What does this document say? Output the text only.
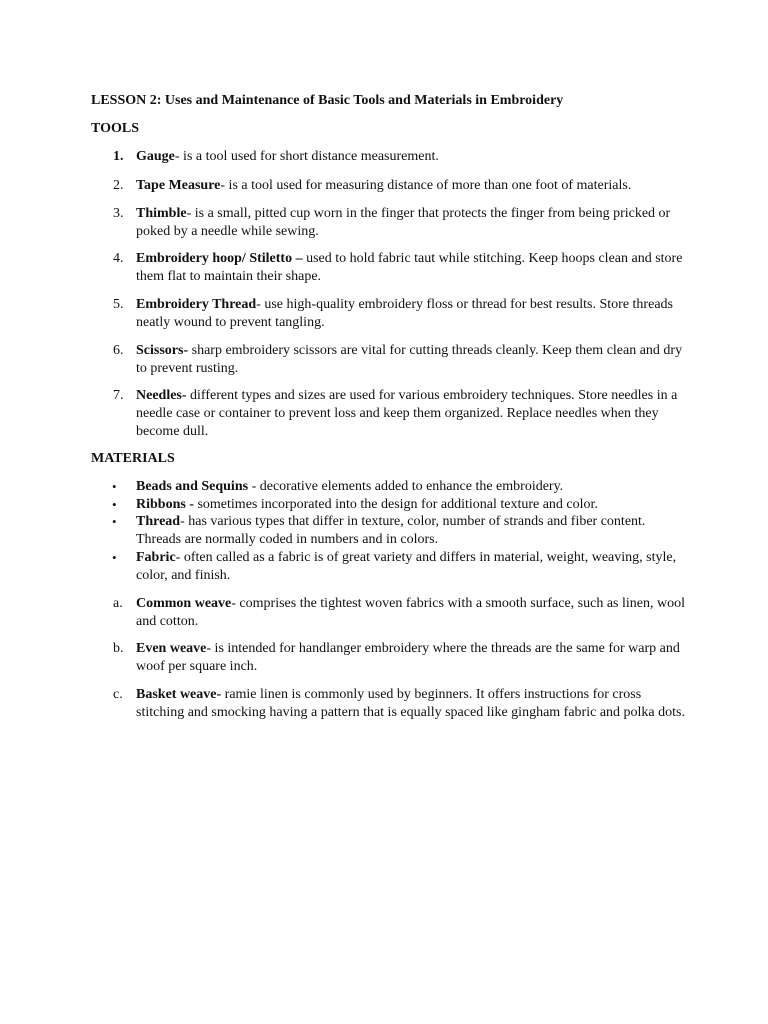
LESSON 2: Uses and Maintenance of Basic Tools and Materials in Embroidery
TOOLS
1. Gauge- is a tool used for short distance measurement.
2. Tape Measure- is a tool used for measuring distance of more than one foot of materials.
3. Thimble- is a small, pitted cup worn in the finger that protects the finger from being pricked or poked by a needle while sewing.
4. Embroidery hoop/ Stiletto – used to hold fabric taut while stitching. Keep hoops clean and store them flat to maintain their shape.
5. Embroidery Thread- use high-quality embroidery floss or thread for best results. Store threads neatly wound to prevent tangling.
6. Scissors- sharp embroidery scissors are vital for cutting threads cleanly. Keep them clean and dry to prevent rusting.
7. Needles- different types and sizes are used for various embroidery techniques. Store needles in a needle case or container to prevent loss and keep them organized. Replace needles when they become dull.
MATERIALS
• Beads and Sequins - decorative elements added to enhance the embroidery.
• Ribbons - sometimes incorporated into the design for additional texture and color.
• Thread- has various types that differ in texture, color, number of strands and fiber content. Threads are normally coded in numbers and in colors.
• Fabric- often called as a fabric is of great variety and differs in material, weight, weaving, style, color, and finish.
a. Common weave- comprises the tightest woven fabrics with a smooth surface, such as linen, wool and cotton.
b. Even weave- is intended for handlanger embroidery where the threads are the same for warp and woof per square inch.
c. Basket weave- ramie linen is commonly used by beginners. It offers instructions for cross stitching and smocking having a pattern that is equally spaced like gingham fabric and polka dots.
